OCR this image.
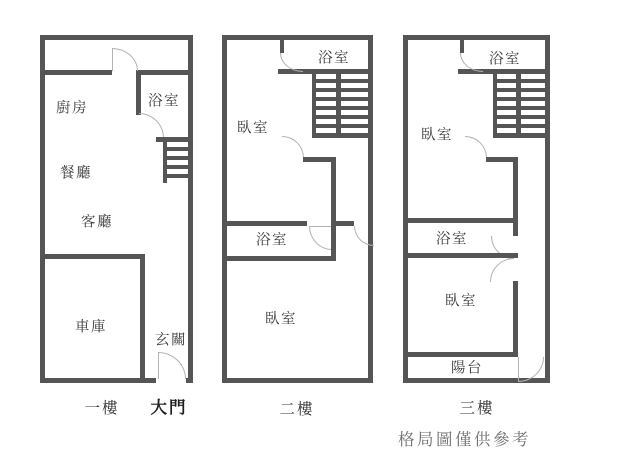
廚房	浴室
餐廳
客廳
車庫
玄關
一樓 大門
臥室
浴室
浴室
臥室
二樓
臥室
浴室
浴室
臥室
陽台
三樓
格局圖僅供參考
